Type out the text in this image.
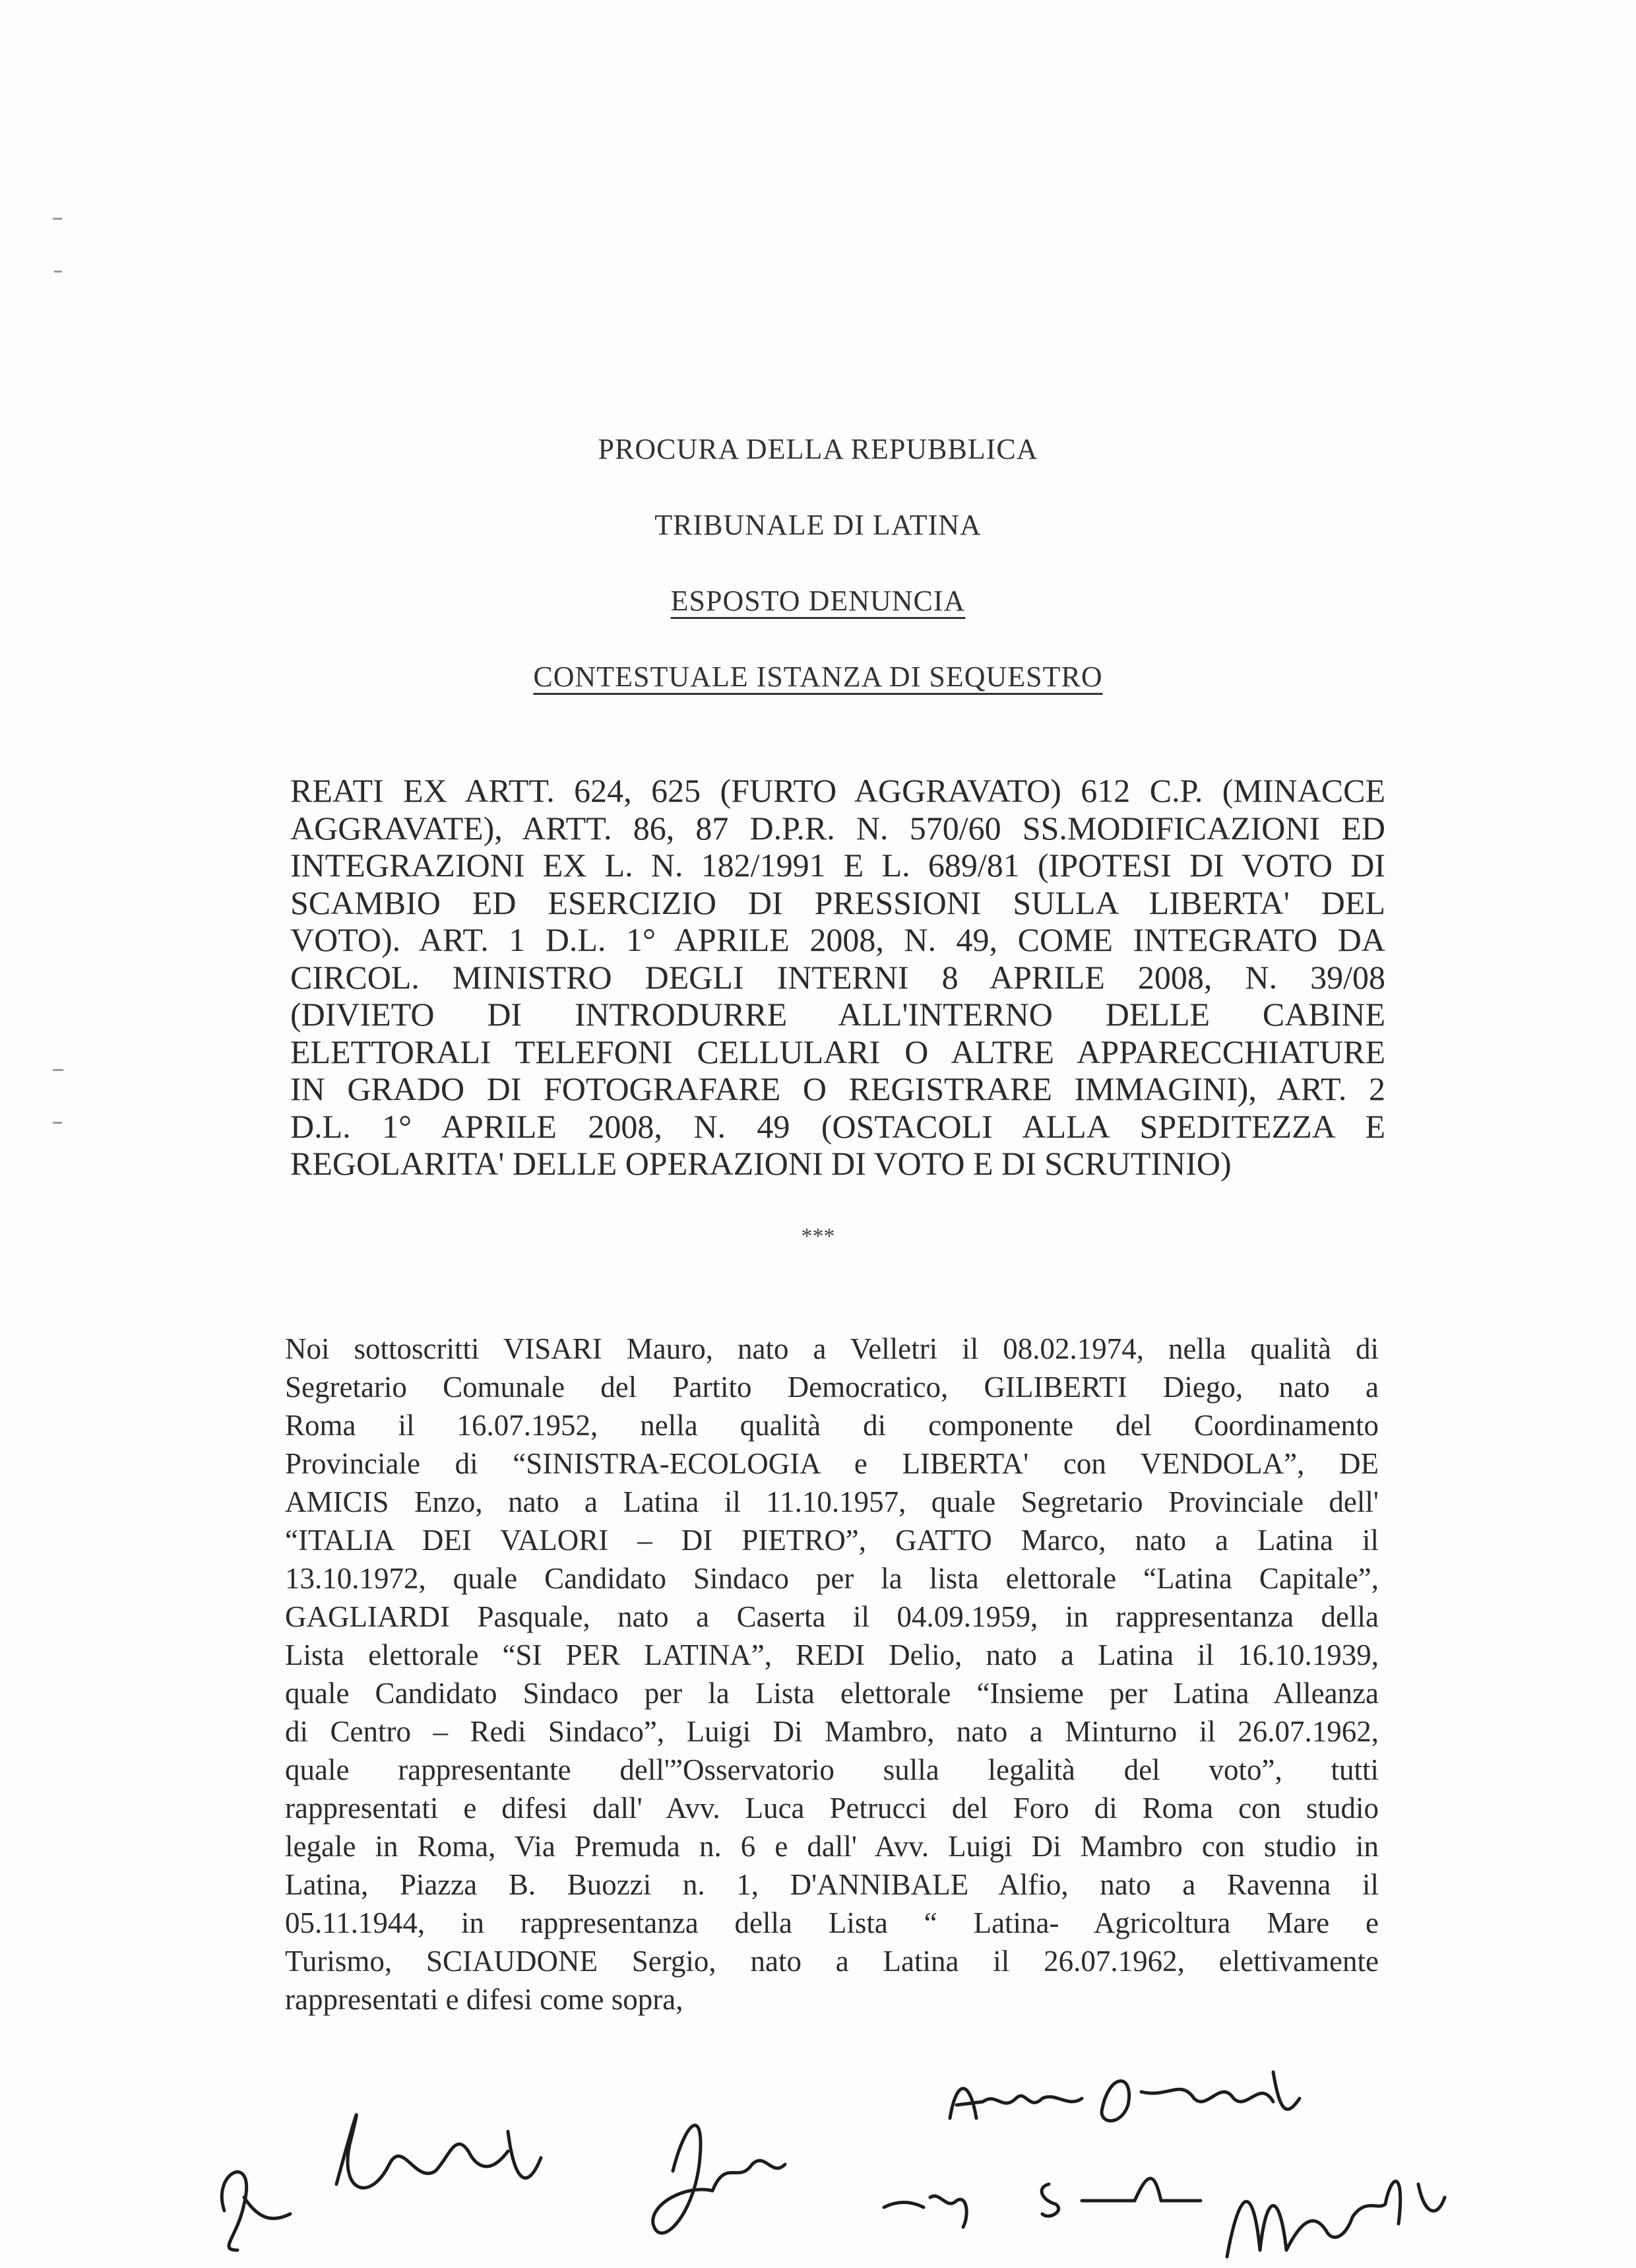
PROCURA DELLA REPUBBLICA
TRIBUNALE DI LATINA
ESPOSTO DENUNCIA
CONTESTUALE ISTANZA DI SEQUESTRO
REATI EX ARTT. 624, 625 (FURTO AGGRAVATO) 612 C.P. (MINACCE
AGGRAVATE), ARTT. 86, 87 D.P.R. N. 570/60 SS.MODIFICAZIONI ED
INTEGRAZIONI EX L. N. 182/1991 E L. 689/81 (IPOTESI DI VOTO DI
SCAMBIO ED ESERCIZIO DI PRESSIONI SULLA LIBERTA' DEL
VOTO). ART. 1 D.L. 1° APRILE 2008, N. 49, COME INTEGRATO DA
CIRCOL. MINISTRO DEGLI INTERNI 8 APRILE 2008, N. 39/08
(DIVIETO DI INTRODURRE ALL'INTERNO DELLE CABINE
ELETTORALI TELEFONI CELLULARI O ALTRE APPARECCHIATURE
IN GRADO DI FOTOGRAFARE O REGISTRARE IMMAGINI), ART. 2
D.L. 1° APRILE 2008, N. 49 (OSTACOLI ALLA SPEDITEZZA E
REGOLARITA' DELLE OPERAZIONI DI VOTO E DI SCRUTINIO)
***
Noi sottoscritti VISARI Mauro, nato a Velletri il 08.02.1974, nella qualità di
Segretario Comunale del Partito Democratico, GILIBERTI Diego, nato a
Roma il 16.07.1952, nella qualità di componente del Coordinamento
Provinciale di “SINISTRA-ECOLOGIA e LIBERTA' con VENDOLA”, DE
AMICIS Enzo, nato a Latina il 11.10.1957, quale Segretario Provinciale dell'
“ITALIA DEI VALORI – DI PIETRO”, GATTO Marco, nato a Latina il
13.10.1972, quale Candidato Sindaco per la lista elettorale “Latina Capitale”,
GAGLIARDI Pasquale, nato a Caserta il 04.09.1959, in rappresentanza della
Lista elettorale “SI PER LATINA”, REDI Delio, nato a Latina il 16.10.1939,
quale Candidato Sindaco per la Lista elettorale “Insieme per Latina Alleanza
di Centro – Redi Sindaco”, Luigi Di Mambro, nato a Minturno il 26.07.1962,
quale rappresentante dell'”Osservatorio sulla legalità del voto”, tutti
rappresentati e difesi dall' Avv. Luca Petrucci del Foro di Roma con studio
legale in Roma, Via Premuda n. 6 e dall' Avv. Luigi Di Mambro con studio in
Latina, Piazza B. Buozzi n. 1, D'ANNIBALE Alfio, nato a Ravenna il
05.11.1944, in rappresentanza della Lista “ Latina- Agricoltura Mare e
Turismo, SCIAUDONE Sergio, nato a Latina il 26.07.1962, elettivamente
rappresentati e difesi come sopra,
Alfio Di Annibale
